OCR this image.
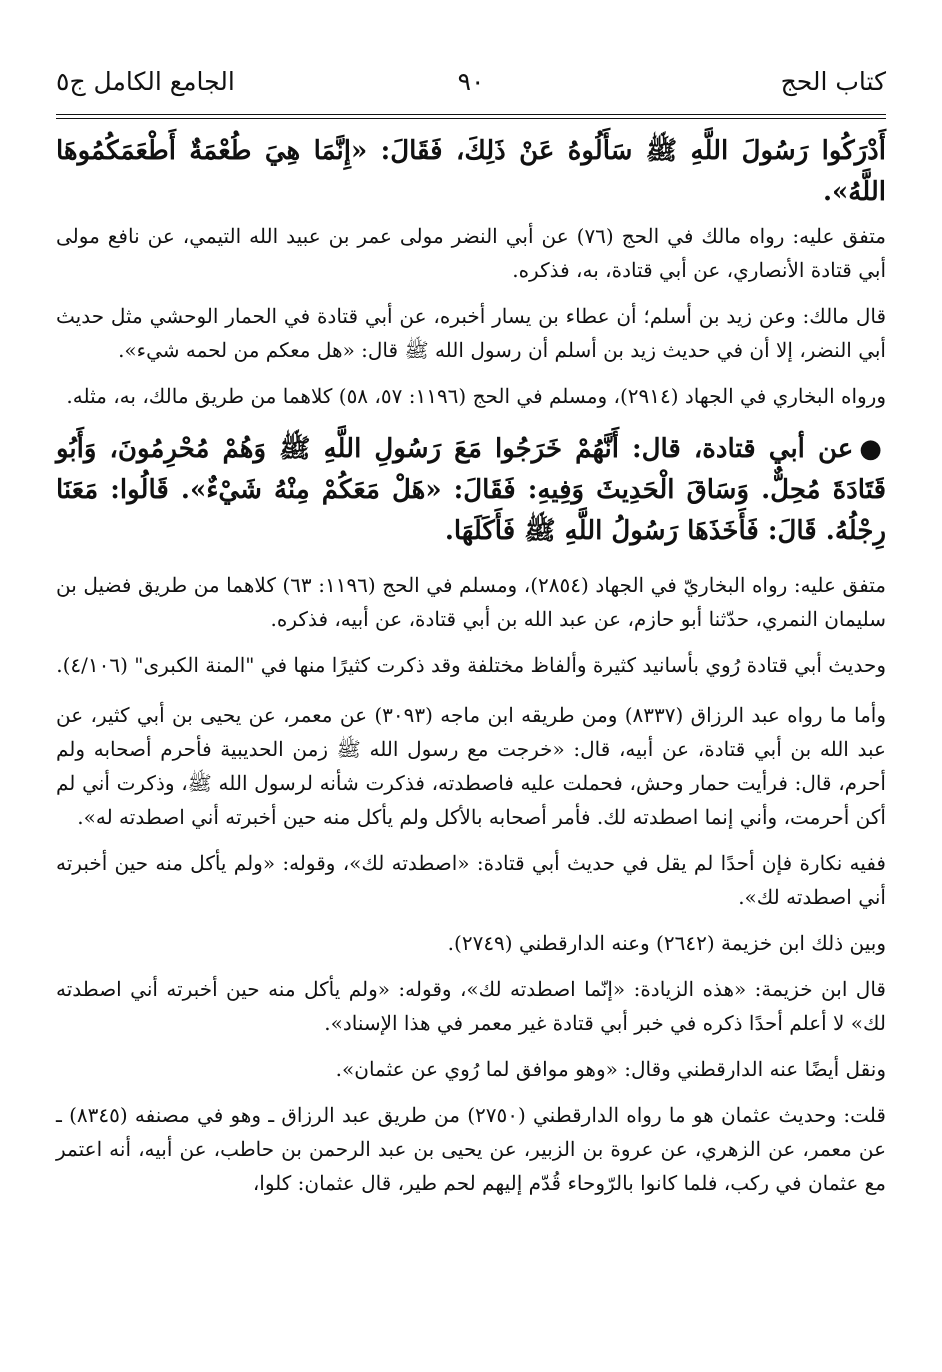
كتاب الحج
٩٠
الجامع الكامل ج٥

أَدْرَكُوا رَسُولَ اللَّهِ ﷺ سَأَلُوهُ عَنْ ذَلِكَ، فَقَالَ: «إِنَّمَا هِيَ طُعْمَةٌ أَطْعَمَكُمُوهَا اللَّهُ».

متفق عليه: رواه مالك في الحج (٧٦) عن أبي النضر مولى عمر بن عبيد الله التيمي، عن نافع مولى أبي قتادة الأنصاري، عن أبي قتادة، به، فذكره.

قال مالك: وعن زيد بن أسلم؛ أن عطاء بن يسار أخبره، عن أبي قتادة في الحمار الوحشي مثل حديث أبي النضر، إلا أن في حديث زيد بن أسلم أن رسول الله ﷺ قال: «هل معكم من لحمه شيء».

ورواه البخاري في الجهاد (٢٩١٤)، ومسلم في الحج (١١٩٦: ٥٧، ٥٨) كلاهما من طريق مالك، به، مثله.

●عن أبي قتادة، قال: أَنَّهُمْ خَرَجُوا مَعَ رَسُولِ اللَّهِ ﷺ وَهُمْ مُحْرِمُونَ، وَأَبُو قَتَادَةَ مُحِلٌّ. وَسَاقَ الْحَدِيثَ وَفِيهِ: فَقَالَ: «هَلْ مَعَكُمْ مِنْهُ شَيْءٌ». قَالُوا: مَعَنَا رِجْلُهُ. قَالَ: فَأَخَذَهَا رَسُولُ اللَّهِ ﷺ فَأَكَلَهَا.

متفق عليه: رواه البخاريّ في الجهاد (٢٨٥٤)، ومسلم في الحج (١١٩٦: ٦٣) كلاهما من طريق فضيل بن سليمان النمري، حدّثنا أبو حازم، عن عبد الله بن أبي قتادة، عن أبيه، فذكره.

وحديث أبي قتادة رُوي بأسانيد كثيرة وألفاظ مختلفة وقد ذكرت كثيرًا منها في "المنة الكبرى" (٤/١٠٦).

وأما ما رواه عبد الرزاق (٨٣٣٧) ومن طريقه ابن ماجه (٣٠٩٣) عن معمر، عن يحيى بن أبي كثير، عن عبد الله بن أبي قتادة، عن أبيه، قال: «خرجت مع رسول الله ﷺ زمن الحديبية فأحرم أصحابه ولم أحرم، قال: فرأيت حمار وحش، فحملت عليه فاصطدته، فذكرت شأنه لرسول الله ﷺ، وذكرت أني لم أكن أحرمت، وأني إنما اصطدته لك. فأمر أصحابه بالأكل ولم يأكل منه حين أخبرته أني اصطدته له».

ففيه نكارة فإن أحدًا لم يقل في حديث أبي قتادة: «اصطدته لك»، وقوله: «ولم يأكل منه حين أخبرته أني اصطدته لك».

وبين ذلك ابن خزيمة (٢٦٤٢) وعنه الدارقطني (٢٧٤٩).

قال ابن خزيمة: «هذه الزيادة: «إنّما اصطدته لك»، وقوله: «ولم يأكل منه حين أخبرته أني اصطدته لك» لا أعلم أحدًا ذكره في خبر أبي قتادة غير معمر في هذا الإسناد».

ونقل أيضًا عنه الدارقطني وقال: «وهو موافق لما رُوي عن عثمان».

قلت: وحديث عثمان هو ما رواه الدارقطني (٢٧٥٠) من طريق عبد الرزاق ـ وهو في مصنفه (٨٣٤٥) ـ عن معمر، عن الزهري، عن عروة بن الزبير، عن يحيى بن عبد الرحمن بن حاطب، عن أبيه، أنه اعتمر مع عثمان في ركب، فلما كانوا بالرّوحاء قُدّم إليهم لحم طير، قال عثمان: كلوا،
